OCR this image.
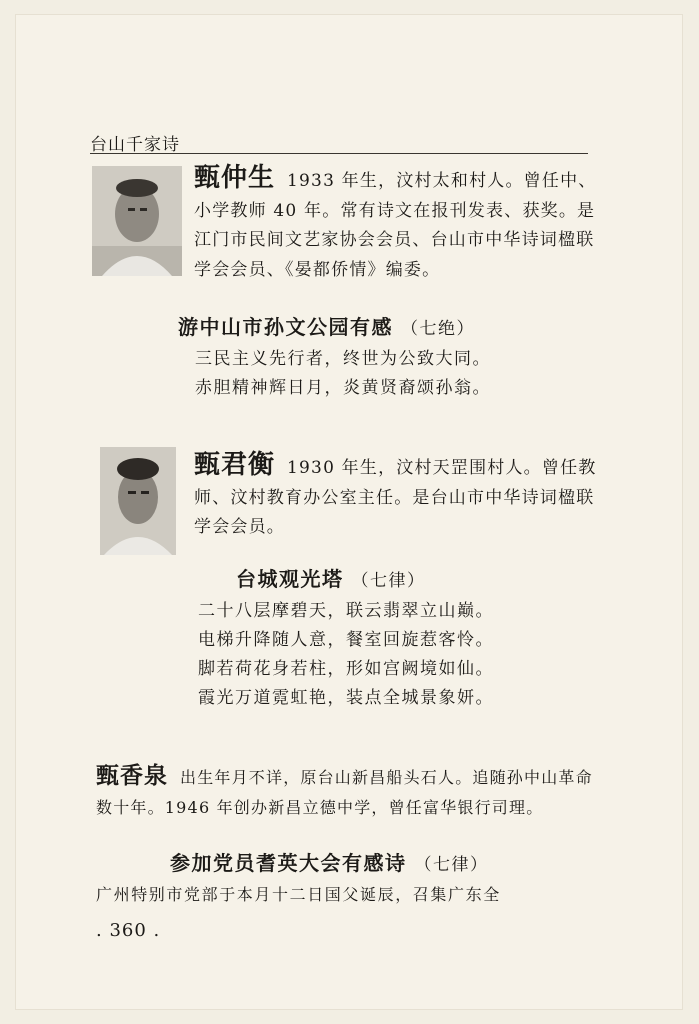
台山千家诗
甄仲生 1933 年生，汶村太和村人。曾任中、小学教师 40 年。常有诗文在报刊发表、获奖。是江门市民间文艺家协会会员、台山市中华诗词楹联学会会员、《晏都侨情》编委。
游中山市孙文公园有感 （七绝）
三民主义先行者，终世为公致大同。
赤胆精神辉日月，炎黄贤裔颂孙翁。
甄君衡 1930 年生，汶村天罡围村人。曾任教师、汶村教育办公室主任。是台山市中华诗词楹联学会会员。
台城观光塔 （七律）
二十八层摩碧天，联云翡翠立山巅。
电梯升降随人意，餐室回旋惹客怜。
脚若荷花身若柱，形如宫阙境如仙。
霞光万道霓虹艳，装点全城景象妍。
甄香泉 出生年月不详，原台山新昌船头石人。追随孙中山革命数十年。1946 年创办新昌立德中学，曾任富华银行司理。
参加党员耆英大会有感诗 （七律）
广州特别市党部于本月十二日国父诞辰，召集广东全
. 360 .
